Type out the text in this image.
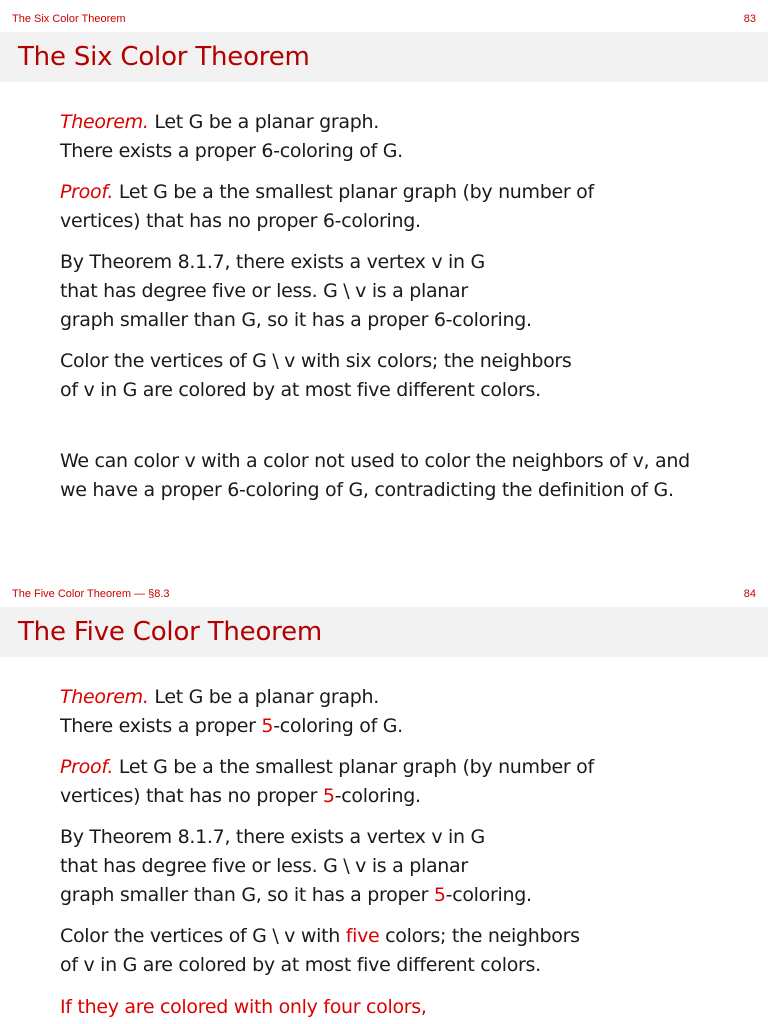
The Six Color Theorem	83
The Six Color Theorem
Theorem. Let G be a planar graph.
There exists a proper 6-coloring of G.
Proof. Let G be a the smallest planar graph (by number of
vertices) that has no proper 6-coloring.
By Theorem 8.1.7, there exists a vertex v in G
that has degree five or less. G \ v is a planar
graph smaller than G, so it has a proper 6-coloring.
Color the vertices of G \ v with six colors; the neighbors
of v in G are colored by at most five different colors.
We can color v with a color not used to color the neighbors of v, and
we have a proper 6-coloring of G, contradicting the definition of G.
The Five Color Theorem — §8.3	84
The Five Color Theorem
Theorem. Let G be a planar graph.
There exists a proper 5-coloring of G.
Proof. Let G be a the smallest planar graph (by number of
vertices) that has no proper 5-coloring.
By Theorem 8.1.7, there exists a vertex v in G
that has degree five or less. G \ v is a planar
graph smaller than G, so it has a proper 5-coloring.
Color the vertices of G \ v with five colors; the neighbors
of v in G are colored by at most five different colors.
If they are colored with only four colors,
